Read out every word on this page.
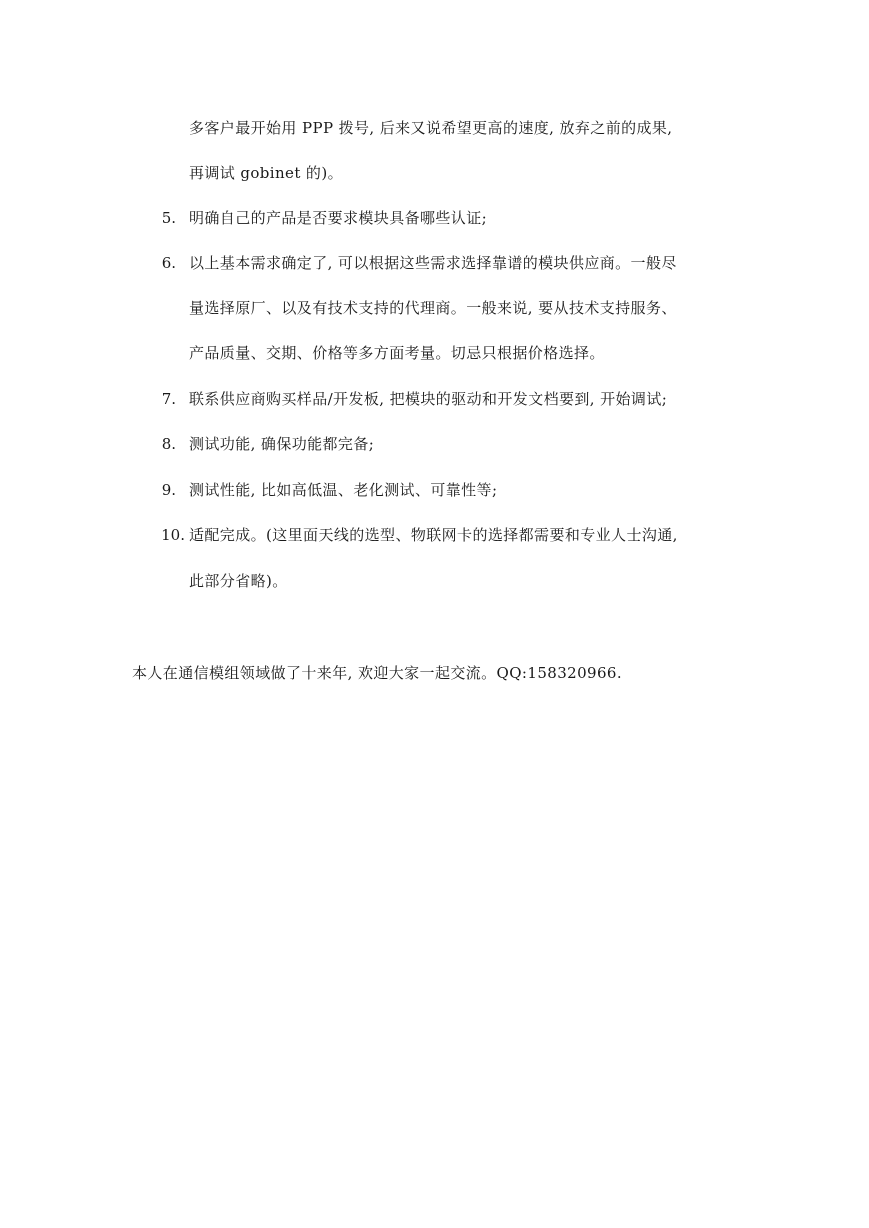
多客户最开始用 PPP 拨号, 后来又说希望更高的速度, 放弃之前的成果,
再调试 gobinet 的)。
5. 明确自己的产品是否要求模块具备哪些认证;
6. 以上基本需求确定了, 可以根据这些需求选择靠谱的模块供应商。一般尽
量选择原厂、以及有技术支持的代理商。一般来说, 要从技术支持服务、
产品质量、交期、价格等多方面考量。切忌只根据价格选择。
7. 联系供应商购买样品/开发板, 把模块的驱动和开发文档要到, 开始调试;
8. 测试功能, 确保功能都完备;
9. 测试性能, 比如高低温、老化测试、可靠性等;
10. 适配完成。(这里面天线的选型、物联网卡的选择都需要和专业人士沟通,
此部分省略)。
本人在通信模组领域做了十来年, 欢迎大家一起交流。QQ:158320966.
